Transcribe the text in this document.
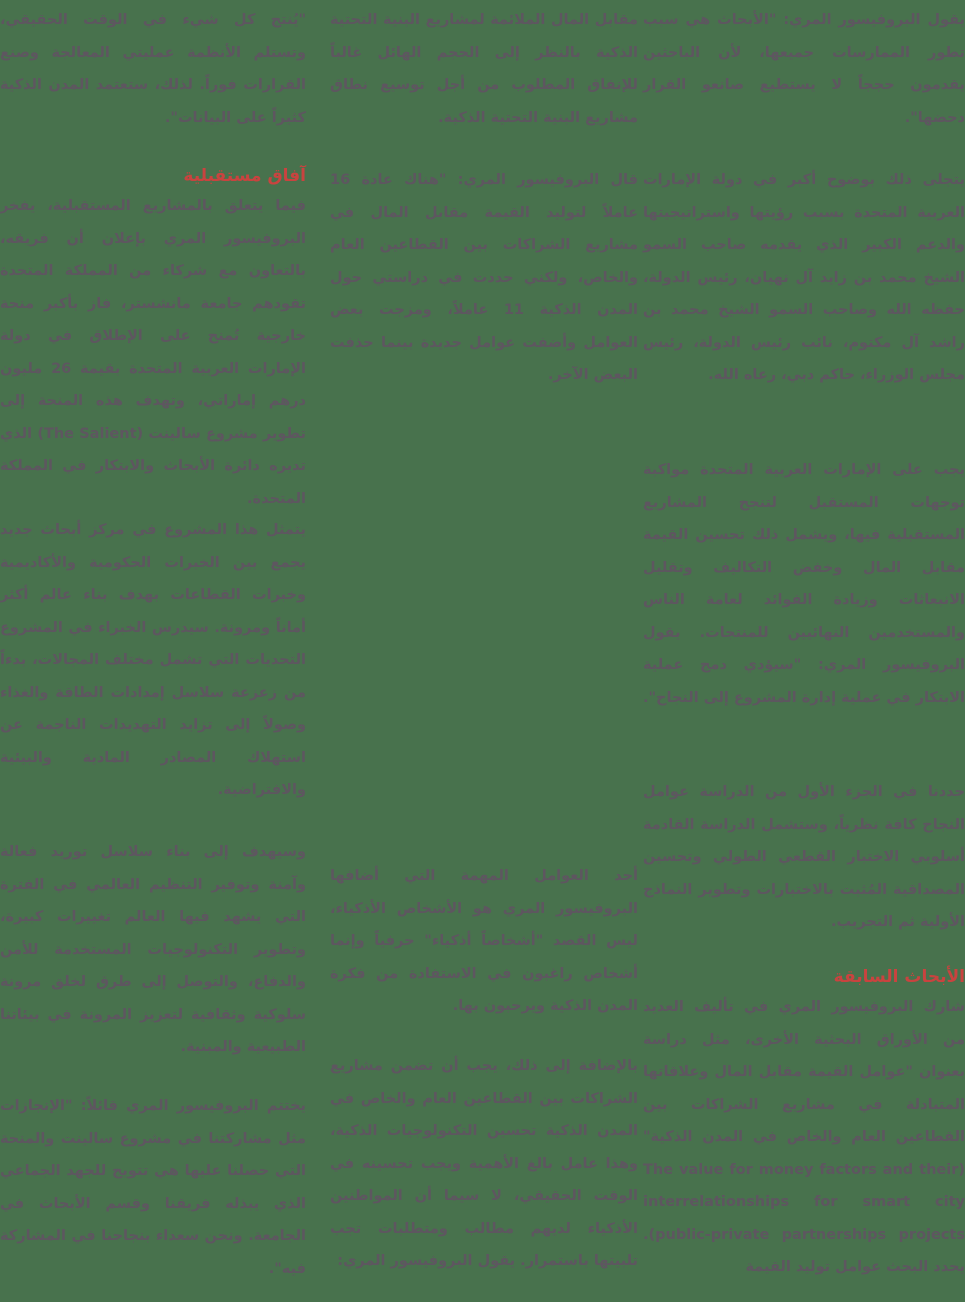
يقول البروفيسور المري: "الأبحاث هي سبب تطور الممارسات جميعها، لأن الباحثين يقدمون حججاً لا يستطيع صانعو القرار دحضها".

يتجلى ذلك بوضوح أكبر في دولة الإمارات العربية المتحدة بسبب رؤيتها واستراتيجيتها والدعم الكبير الذي يقدمه صاحب السمو الشيخ محمد بن زايد آل نهيان، رئيس الدولة، حفظه الله وصاحب السمو الشيخ محمد بن راشد آل مكتوم، نائب رئيس الدولة، رئيس مجلس الوزراء، حاكم دبي، رعاه الله.

يجب على الإمارات العربية المتحدة مواكبة توجهات المستقبل لتنجح المشاريع المستقبلية فيها، ويشمل ذلك تحسين القيمة مقابل المال وخفض التكاليف وتقليل الانبعاثات وزيادة الفوائد لعامة الناس والمستخدمين النهائيين للمنتجات. يقول البروفيسور المري: "سيؤدي دمج عملية الابتكار في عملية إدارة المشروع إلى النجاح".

حددنا في الجزء الأول من الدراسة عوامل النجاح كافة نظرياً، وستشمل الدراسة القادمة أسلوبي الاختبار القطعي الطولي وتحسين المصداقية المُثبت بالاختبارات وتطوير النماذج الأولية ثم التجريب.

الأبحاث السابقة

شارك البروفيسور المري في تأليف العديد من الأوراق البحثية الأخرى، مثل دراسة بعنوان "عوامل القيمة مقابل المال وعلاقاتها المتبادلة في مشاريع الشراكات بين القطاعين العام والخاص في المدن الذكية" (The value for money factors and their interrelationships for smart city public-private partnerships projects). يحدد البحث عوامل توليد القيمة

مقابل المال الملائمة لمشاريع البنية التحتية الذكية بالنظر إلى الحجم الهائل غالباً للإنفاق المطلوب من أجل توسيع نطاق مشاريع البنية التحتية الذكية.

قال البروفيسور المري: "هناك عادة 16 عاملاً لتوليد القيمة مقابل المال في مشاريع الشراكات بين القطاعين العام والخاص، ولكني حددت في دراستي حول المدن الذكية 11 عاملاً، ومزجت بعض العوامل وأضفت عوامل جديدة بينما حذفت البعض الآخر.

أحد العوامل المهمة التي أضافها البروفيسور المري هو الأشخاص الأذكياء، ليس القصد "أشخاصاً أذكياء" حرفياً وإنما أشخاص راغبون في الاستفادة من فكرة المدن الذكية ويرحبون بها.

بالإضافة إلى ذلك، يجب أن تضمن مشاريع الشراكات بين القطاعين العام والخاص في المدن الذكية تحسين التكنولوجيات الذكية، وهذا عامل بالغ الأهمية ويجب تحسينه في الوقت الحقيقي، لا سيما أن المواطنين الأذكياء لديهم مطالب ومتطلبات تجب تلبيتها باستمرار. يقول البروفيسور المري:

"يُنتج كل شيء في الوقت الحقيقي، وتستلم الأنظمة عمليتي المعالجة وصنع القرارات فوراً. لذلك، ستعتمد المدن الذكية كثيراً على البيانات".

آفاق مستقبلية

فيما يتعلق بالمشاريع المستقبلية، يفخر البروفيسور المري بإعلان أن فريقه، بالتعاون مع شركاء من المملكة المتحدة تقودهم جامعة مانشستر، فاز بأكبر منحة خارجية تُمنح على الإطلاق في دولة الإمارات العربية المتحدة بقيمة 26 مليون درهم إماراتي، وتهدف هذه المنحة إلى تطوير مشروع سالينت (The Salient) الذي تديره دائرة الأبحاث والابتكار في المملكة المتحدة.

يتمثل هذا المشروع في مركز أبحاث جديد يجمع بين الخبرات الحكومية والأكاديمية وخبرات القطاعات بهدف بناء عالم أكثر أماناً ومرونة. سيدرس الخبراء في المشروع التحديات التي تشمل مختلف المجالات، بدءاً من زعزعة سلاسل إمدادات الطاقة والغذاء وصولاً إلى تزايد التهديدات الناجمة عن استهلاك المصادر المادية والبيئية والافتراضية.

وسيهدف إلى بناء سلاسل توريد فعالة وآمنة وتوفير التنظيم العالمي في الفترة التي يشهد فيها العالم تغييرات كبيرة، وتطوير التكنولوجيات المستخدمة للأمن والدفاع، والتوصل إلى طرق لخلق مرونة سلوكية وثقافية لتعزيز المرونة في بيئاتنا الطبيعية والمبنية.

يختتم البروفيسور المري قائلاً: "الإنجازات مثل مشاركتنا في مشروع سالينت والمنحة التي حصلنا عليها هي تتويج للجهد الجماعي الذي يبذله فريقنا وقسم الأبحاث في الجامعة. ونحن سعداء بنجاحنا في المشاركة فيه".
